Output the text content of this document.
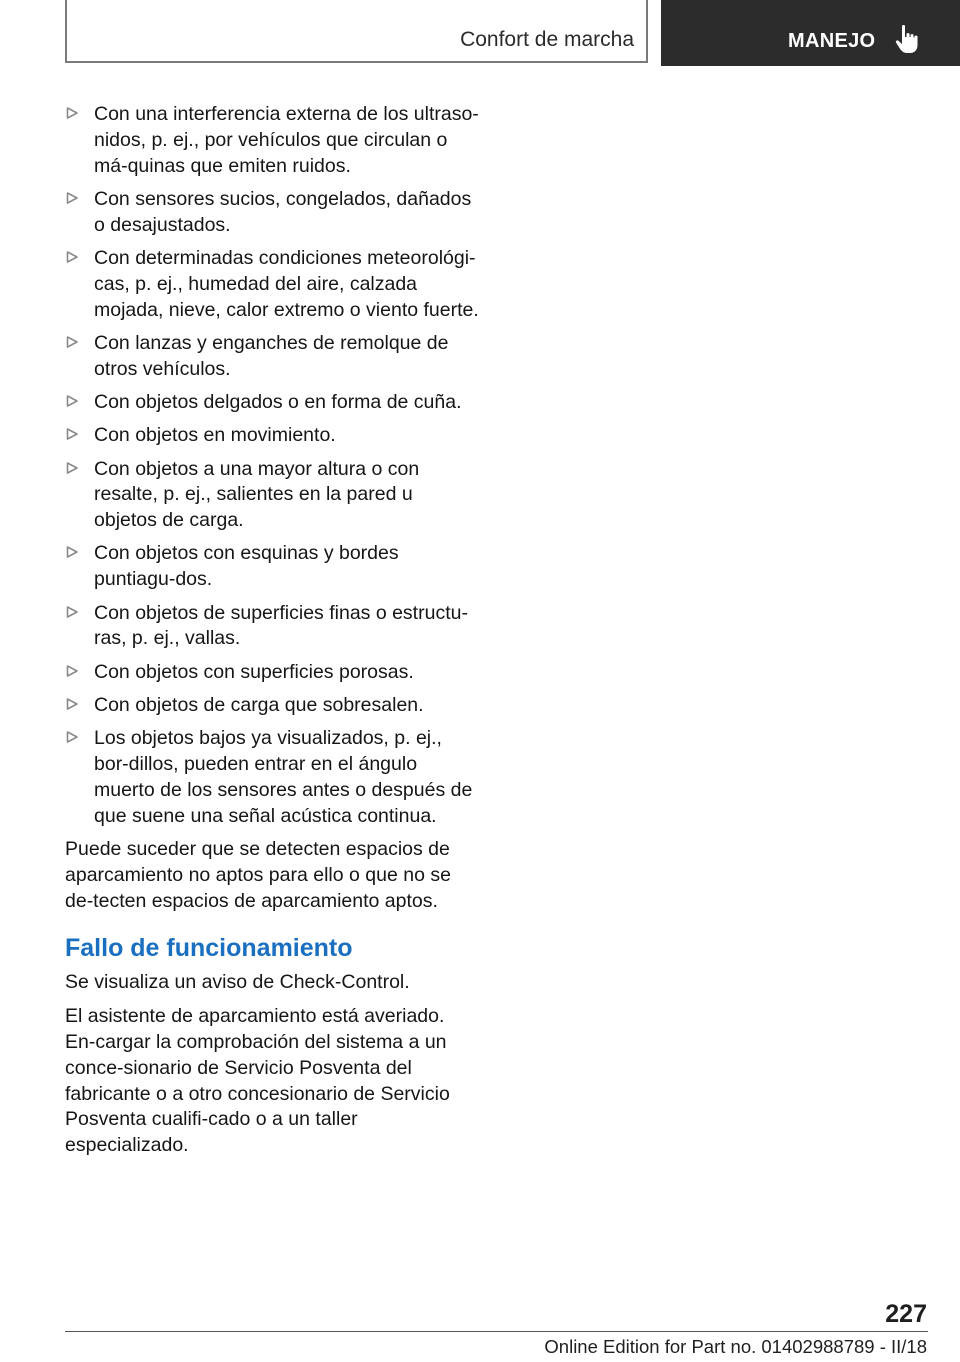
Confort de marcha	MANEJO
Con una interferencia externa de los ultraso-nidos, p. ej., por vehículos que circulan o má-quinas que emiten ruidos.
Con sensores sucios, congelados, dañados o desajustados.
Con determinadas condiciones meteorológi-cas, p. ej., humedad del aire, calzada mojada, nieve, calor extremo o viento fuerte.
Con lanzas y enganches de remolque de otros vehículos.
Con objetos delgados o en forma de cuña.
Con objetos en movimiento.
Con objetos a una mayor altura o con resalte, p. ej., salientes en la pared u objetos de carga.
Con objetos con esquinas y bordes puntiagu-dos.
Con objetos de superficies finas o estructu-ras, p. ej., vallas.
Con objetos con superficies porosas.
Con objetos de carga que sobresalen.
Los objetos bajos ya visualizados, p. ej., bor-dillos, pueden entrar en el ángulo muerto de los sensores antes o después de que suene una señal acústica continua.

Puede suceder que se detecten espacios de aparcamiento no aptos para ello o que no se de-tecten espacios de aparcamiento aptos.

Fallo de funcionamiento

Se visualiza un aviso de Check-Control.

El asistente de aparcamiento está averiado. En-cargar la comprobación del sistema a un conce-sionario de Servicio Posventa del fabricante o a otro concesionario de Servicio Posventa cualifi-cado o a un taller especializado.

227
Online Edition for Part no. 01402988789 - II/18
